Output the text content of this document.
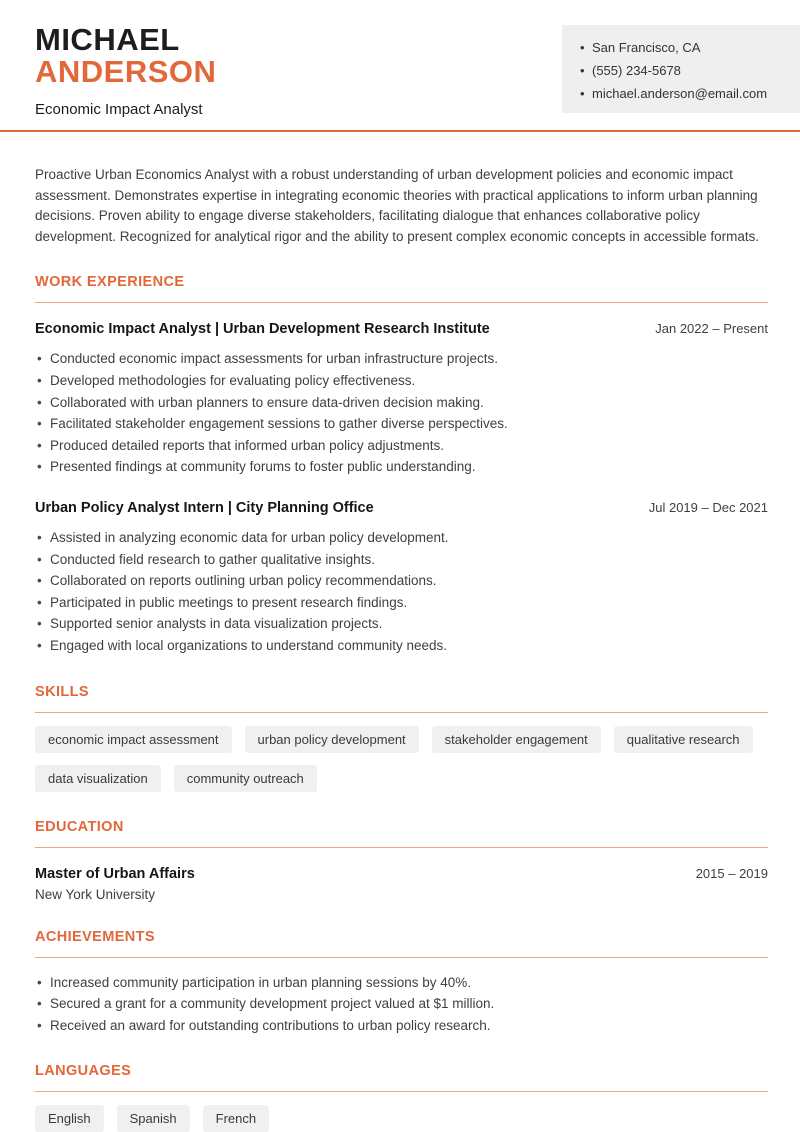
MICHAEL
ANDERSON
Economic Impact Analyst
• San Francisco, CA
• (555) 234-5678
• michael.anderson@email.com

Proactive Urban Economics Analyst with a robust understanding of urban development policies and economic impact assessment. Demonstrates expertise in integrating economic theories with practical applications to inform urban planning decisions. Proven ability to engage diverse stakeholders, facilitating dialogue that enhances collaborative policy development. Recognized for analytical rigor and the ability to present complex economic concepts in accessible formats.

WORK EXPERIENCE
Economic Impact Analyst | Urban Development Research Institute	Jan 2022 – Present
• Conducted economic impact assessments for urban infrastructure projects.
• Developed methodologies for evaluating policy effectiveness.
• Collaborated with urban planners to ensure data-driven decision making.
• Facilitated stakeholder engagement sessions to gather diverse perspectives.
• Produced detailed reports that informed urban policy adjustments.
• Presented findings at community forums to foster public understanding.
Urban Policy Analyst Intern | City Planning Office	Jul 2019 – Dec 2021
• Assisted in analyzing economic data for urban policy development.
• Conducted field research to gather qualitative insights.
• Collaborated on reports outlining urban policy recommendations.
• Participated in public meetings to present research findings.
• Supported senior analysts in data visualization projects.
• Engaged with local organizations to understand community needs.
SKILLS
economic impact assessment	urban policy development	stakeholder engagement	qualitative research
data visualization	community outreach
EDUCATION
Master of Urban Affairs	2015 – 2019
New York University
ACHIEVEMENTS
• Increased community participation in urban planning sessions by 40%.
• Secured a grant for a community development project valued at $1 million.
• Received an award for outstanding contributions to urban policy research.
LANGUAGES
English	Spanish	French
